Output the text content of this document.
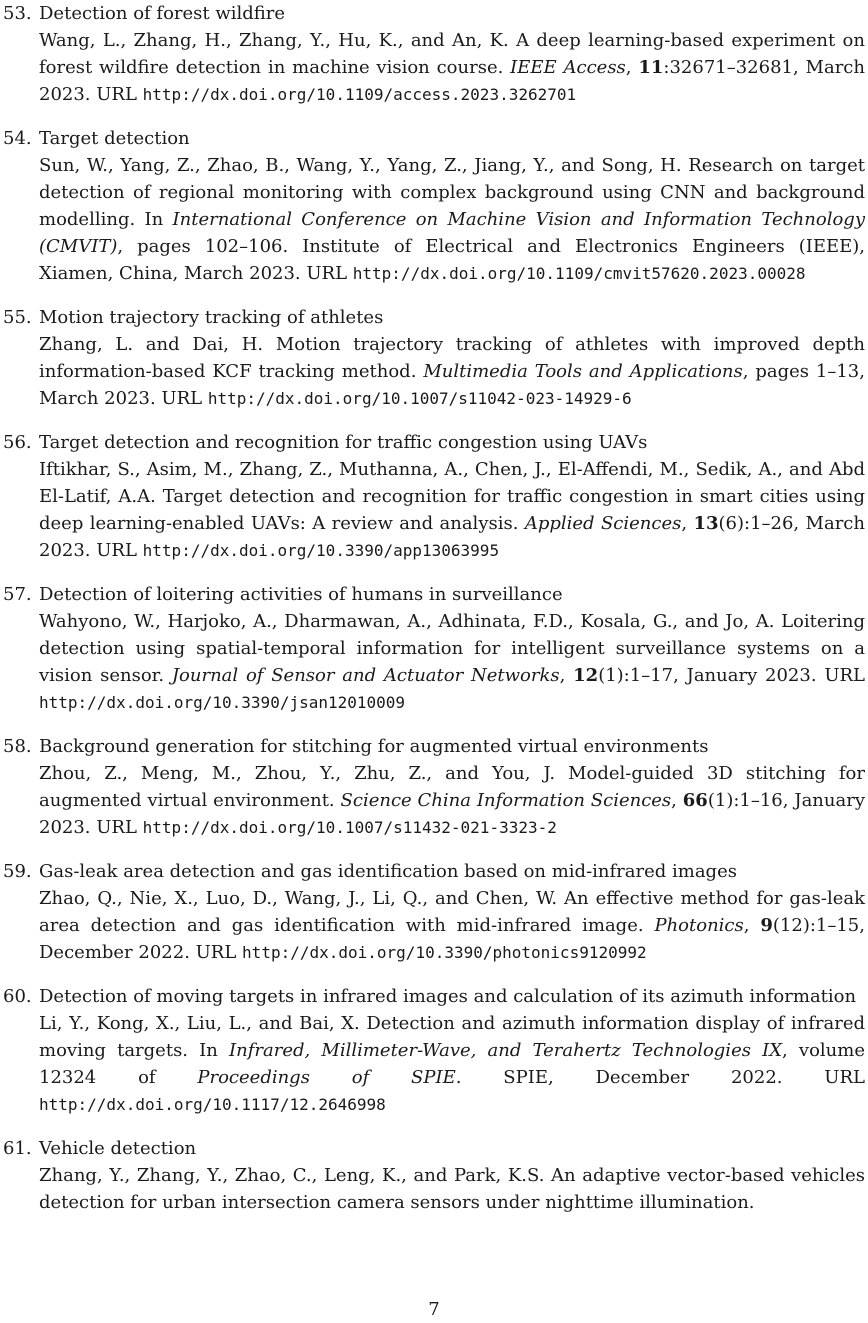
53. Detection of forest wildfire
Wang, L., Zhang, H., Zhang, Y., Hu, K., and An, K. A deep learning-based experiment on forest wildfire detection in machine vision course. IEEE Access, 11:32671–32681, March 2023. URL http://dx.doi.org/10.1109/access.2023.3262701
54. Target detection
Sun, W., Yang, Z., Zhao, B., Wang, Y., Yang, Z., Jiang, Y., and Song, H. Research on target detection of regional monitoring with complex background using CNN and background modelling. In International Conference on Machine Vision and Information Technology (CMVIT), pages 102–106. Institute of Electrical and Electronics Engineers (IEEE), Xiamen, China, March 2023. URL http://dx.doi.org/10.1109/cmvit57620.2023.00028
55. Motion trajectory tracking of athletes
Zhang, L. and Dai, H. Motion trajectory tracking of athletes with improved depth information-based KCF tracking method. Multimedia Tools and Applications, pages 1–13, March 2023. URL http://dx.doi.org/10.1007/s11042-023-14929-6
56. Target detection and recognition for traffic congestion using UAVs
Iftikhar, S., Asim, M., Zhang, Z., Muthanna, A., Chen, J., El-Affendi, M., Sedik, A., and Abd El-Latif, A.A. Target detection and recognition for traffic congestion in smart cities using deep learning-enabled UAVs: A review and analysis. Applied Sciences, 13(6):1–26, March 2023. URL http://dx.doi.org/10.3390/app13063995
57. Detection of loitering activities of humans in surveillance
Wahyono, W., Harjoko, A., Dharmawan, A., Adhinata, F.D., Kosala, G., and Jo, A. Loitering detection using spatial-temporal information for intelligent surveillance systems on a vision sensor. Journal of Sensor and Actuator Networks, 12(1):1–17, January 2023. URL http://dx.doi.org/10.3390/jsan12010009
58. Background generation for stitching for augmented virtual environments
Zhou, Z., Meng, M., Zhou, Y., Zhu, Z., and You, J. Model-guided 3D stitching for augmented virtual environment. Science China Information Sciences, 66(1):1–16, January 2023. URL http://dx.doi.org/10.1007/s11432-021-3323-2
59. Gas-leak area detection and gas identification based on mid-infrared images
Zhao, Q., Nie, X., Luo, D., Wang, J., Li, Q., and Chen, W. An effective method for gas-leak area detection and gas identification with mid-infrared image. Photonics, 9(12):1–15, December 2022. URL http://dx.doi.org/10.3390/photonics9120992
60. Detection of moving targets in infrared images and calculation of its azimuth information
Li, Y., Kong, X., Liu, L., and Bai, X. Detection and azimuth information display of infrared moving targets. In Infrared, Millimeter-Wave, and Terahertz Technologies IX, volume 12324 of Proceedings of SPIE. SPIE, December 2022. URL http://dx.doi.org/10.1117/12.2646998
61. Vehicle detection
Zhang, Y., Zhang, Y., Zhao, C., Leng, K., and Park, K.S. An adaptive vector-based vehicles detection for urban intersection camera sensors under nighttime illumination.
7
